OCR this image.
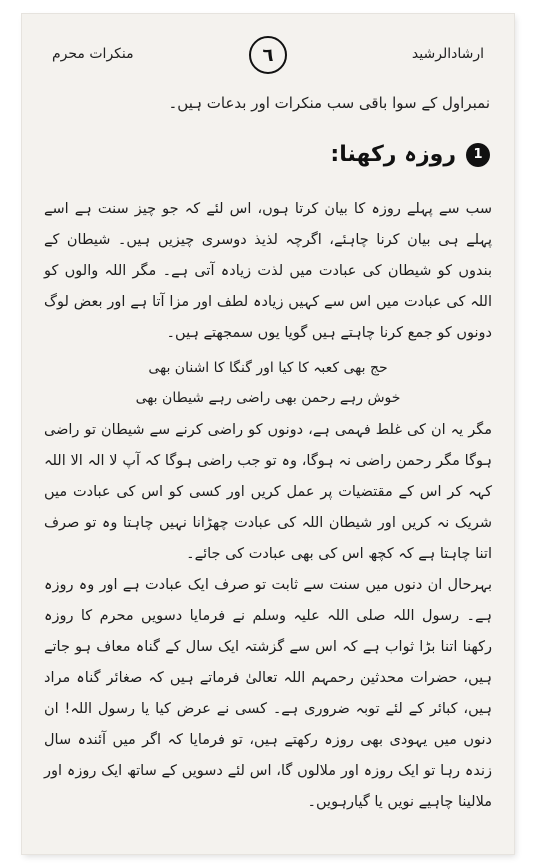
منکرات محرم	٦	ارشادالرشید
نمبراول کے سوا باقی سب منکرات اور بدعات ہیں۔
1
روزہ رکھنا:

سب سے پہلے روزہ کا بیان کرتا ہوں، اس لئے کہ جو چیز سنت ہے اسے پہلے ہی بیان کرنا چاہئے، اگرچہ لذیذ دوسری چیزیں ہیں۔ شیطان کے بندوں کو شیطان کی عبادت میں لذت زیادہ آتی ہے۔ مگر اللہ والوں کو اللہ کی عبادت میں اس سے کہیں زیادہ لطف اور مزا آتا ہے اور بعض لوگ دونوں کو جمع کرنا چاہتے ہیں گویا یوں سمجھتے ہیں۔

حج بھی کعبہ کا کیا اور گنگا کا اشنان بھی
خوش رہے رحمن بھی راضی رہے شیطان بھی

مگر یہ ان کی غلط فہمی ہے، دونوں کو راضی کرنے سے شیطان تو راضی ہوگا مگر رحمن راضی نہ ہوگا، وہ تو جب راضی ہوگا کہ آپ لا الہ الا اللہ کہہ کر اس کے مقتضیات پر عمل کریں اور کسی کو اس کی عبادت میں شریک نہ کریں اور شیطان اللہ کی عبادت چھڑانا نہیں چاہتا وہ تو صرف اتنا چاہتا ہے کہ کچھ اس کی بھی عبادت کی جائے۔

بہرحال ان دنوں میں سنت سے ثابت تو صرف ایک عبادت ہے اور وہ روزہ ہے۔ رسول اللہ صلی اللہ علیہ وسلم نے فرمایا دسویں محرم کا روزہ رکھنا اتنا بڑا ثواب ہے کہ اس سے گزشتہ ایک سال کے گناہ معاف ہو جاتے ہیں، حضرات محدثین رحمہم اللہ تعالیٰ فرماتے ہیں کہ صغائر گناہ مراد ہیں، کبائر کے لئے توبہ ضروری ہے۔ کسی نے عرض کیا یا رسول اللہ! ان دنوں میں یہودی بھی روزہ رکھتے ہیں، تو فرمایا کہ اگر میں آئندہ سال زندہ رہا تو ایک روزہ اور ملالوں گا، اس لئے دسویں کے ساتھ ایک روزہ اور ملالینا چاہیے نویں یا گیارہویں۔
